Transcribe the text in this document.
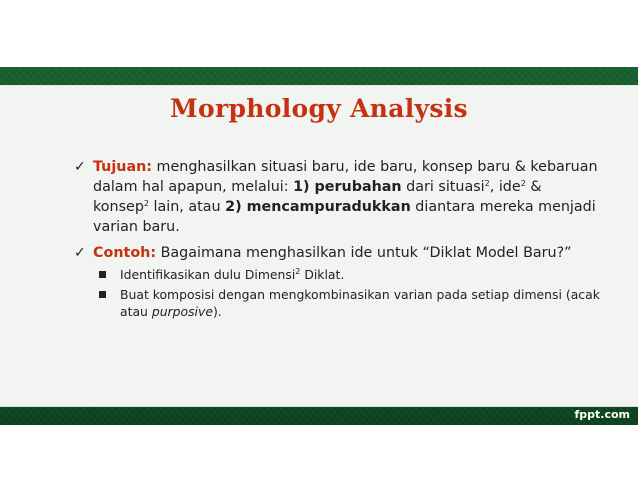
Morphology Analysis
✓ Tujuan: menghasilkan situasi baru, ide baru, konsep baru & kebaruan dalam hal apapun, melalui: 1) perubahan dari situasi$^2$, ide$^2$ & konsep$^2$ lain, atau 2) mencampuradukkan diantara mereka menjadi varian baru.
✓ Contoh: Bagaimana menghasilkan ide untuk “Diklat Model Baru?”
Identifikasikan dulu Dimensi$^2$ Diklat.
Buat komposisi dengan mengkombinasikan varian pada setiap dimensi (acak atau purposive).
fppt.com
